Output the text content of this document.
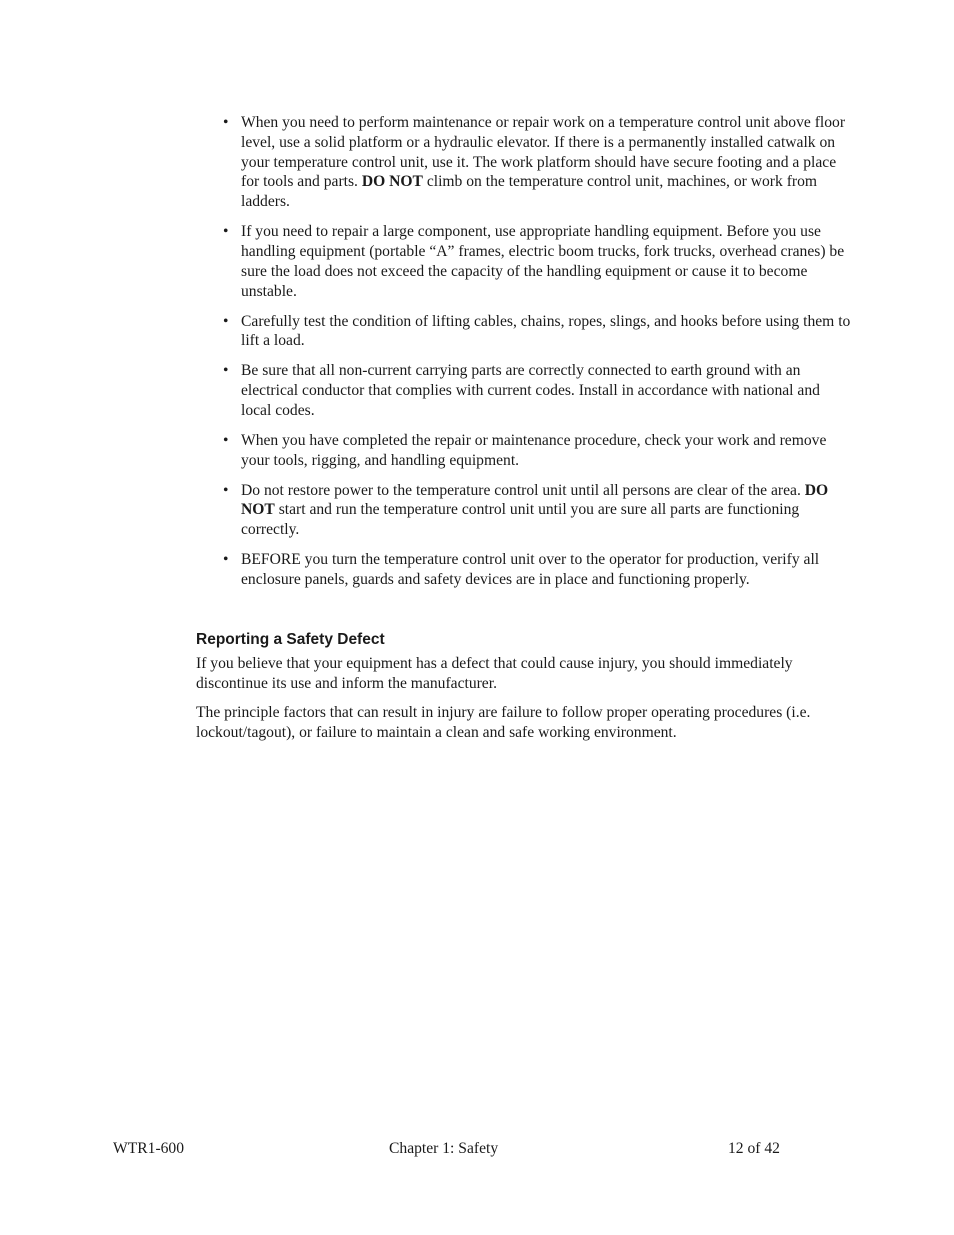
• When you need to perform maintenance or repair work on a temperature control unit above floor level, use a solid platform or a hydraulic elevator. If there is a permanently installed catwalk on your temperature control unit, use it. The work platform should have secure footing and a place for tools and parts. DO NOT climb on the temperature control unit, machines, or work from ladders.
• If you need to repair a large component, use appropriate handling equipment. Before you use handling equipment (portable “A” frames, electric boom trucks, fork trucks, overhead cranes) be sure the load does not exceed the capacity of the handling equipment or cause it to become unstable.
• Carefully test the condition of lifting cables, chains, ropes, slings, and hooks before using them to lift a load.
• Be sure that all non-current carrying parts are correctly connected to earth ground with an electrical conductor that complies with current codes. Install in accordance with national and local codes.
• When you have completed the repair or maintenance procedure, check your work and remove your tools, rigging, and handling equipment.
• Do not restore power to the temperature control unit until all persons are clear of the area. DO NOT start and run the temperature control unit until you are sure all parts are functioning correctly.
• BEFORE you turn the temperature control unit over to the operator for production, verify all enclosure panels, guards and safety devices are in place and functioning properly.
Reporting a Safety Defect

If you believe that your equipment has a defect that could cause injury, you should immediately discontinue its use and inform the manufacturer.

The principle factors that can result in injury are failure to follow proper operating procedures (i.e. lockout/tagout), or failure to maintain a clean and safe working environment.

WTR1-600	Chapter 1: Safety	12 of 42
